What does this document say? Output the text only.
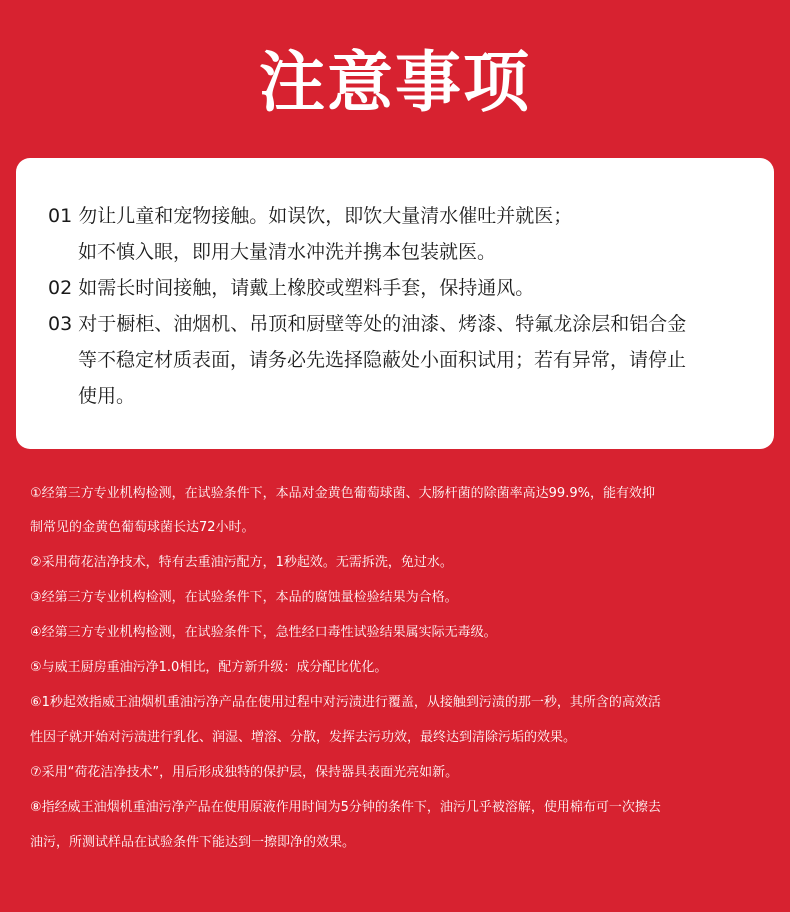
注意事项
01 勿让儿童和宠物接触。如误饮，即饮大量清水催吐并就医；
如不慎入眼，即用大量清水冲洗并携本包装就医。
02 如需长时间接触，请戴上橡胶或塑料手套，保持通风。
03 对于橱柜、油烟机、吊顶和厨壁等处的油漆、烤漆、特氟龙涂层和铝合金
等不稳定材质表面，请务必先选择隐蔽处小面积试用；若有异常，请停止
使用。
①经第三方专业机构检测，在试验条件下，本品对金黄色葡萄球菌、大肠杆菌的除菌率高达99.9%，能有效抑
制常见的金黄色葡萄球菌长达72小时。
②采用荷花洁净技术，特有去重油污配方，1秒起效。无需拆洗，免过水。
③经第三方专业机构检测，在试验条件下，本品的腐蚀量检验结果为合格。
④经第三方专业机构检测，在试验条件下，急性经口毒性试验结果属实际无毒级。
⑤与威王厨房重油污净1.0相比，配方新升级：成分配比优化。
⑥1秒起效指威王油烟机重油污净产品在使用过程中对污渍进行覆盖，从接触到污渍的那一秒，其所含的高效活
性因子就开始对污渍进行乳化、润湿、增溶、分散，发挥去污功效，最终达到清除污垢的效果。
⑦采用“荷花洁净技术”，用后形成独特的保护层，保持器具表面光亮如新。
⑧指经威王油烟机重油污净产品在使用原液作用时间为5分钟的条件下，油污几乎被溶解，使用棉布可一次擦去
油污，所测试样品在试验条件下能达到一擦即净的效果。
